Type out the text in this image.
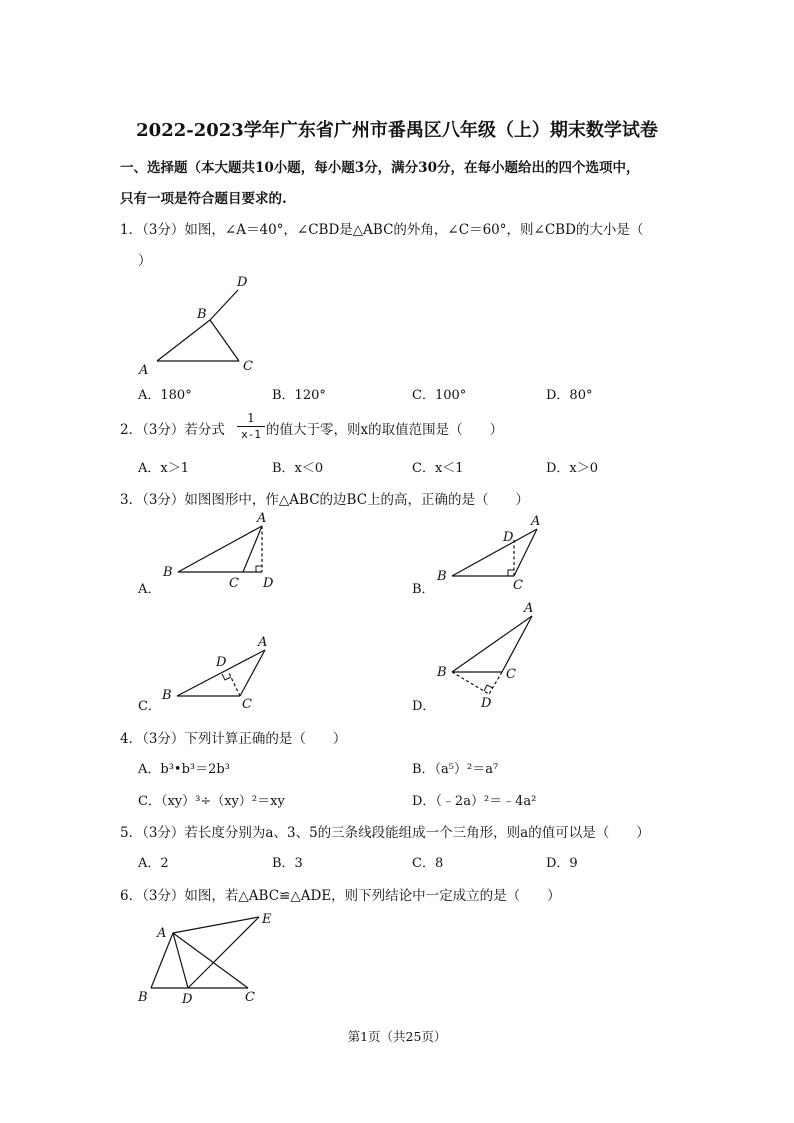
2022-2023学年广东省广州市番禺区八年级（上）期末数学试卷
一、选择题（本大题共10小题，每小题3分，满分30分，在每小题给出的四个选项中，
只有一项是符合题目要求的.
1．（3分）如图，∠A＝40°，∠CBD是△ABC的外角，∠C＝60°，则∠CBD的大小是（
）
D
B
A	C
A．180°	B．120°	C．100°	D．80°
2．（3分）若分式 $\frac{1}{x-1}$ 的值大于零，则x的取值范围是（　　）
A．x＞1	B．x＜0	C．x＜1	D．x＞0
3．（3分）如图图形中，作△ABC的边BC上的高，正确的是（　　）
A．
A
B
C D	B．
A
D
B
C
C．
A
D
B
C	D．
A
B	C
D
4．（3分）下列计算正确的是（　　）
A．b³•b³＝2b³	B．（a⁵）²＝a⁷
C．（xy）³÷（xy）²＝xy	D．（﹣2a）²＝﹣4a²
5．（3分）若长度分别为a、3、5的三条线段能组成一个三角形，则a的值可以是（　　）
A．2	B．3	C．8	D．9
6．（3分）如图，若△ABC≌△ADE，则下列结论中一定成立的是（　　）
E
A
B	D	C
第1页（共25页）
